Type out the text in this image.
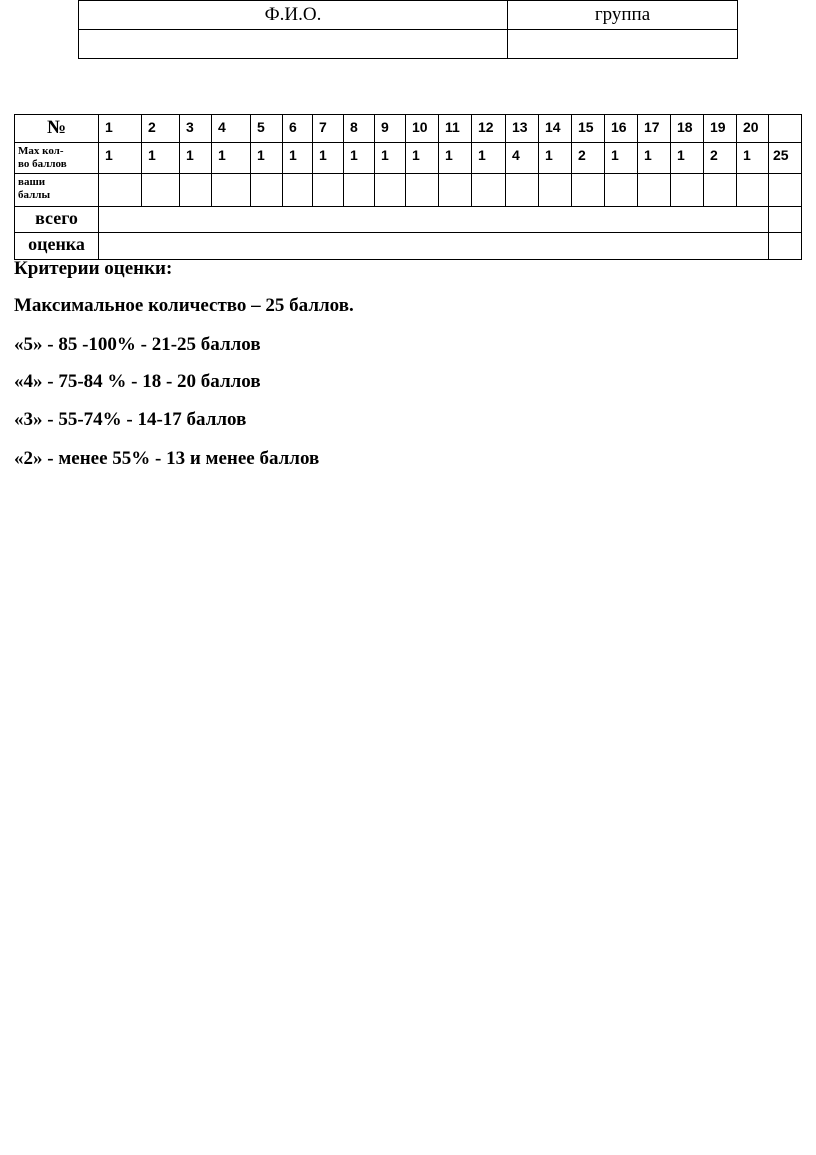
Ф.И.О.	группа

№	1	2	3	4	5	6	7	8	9	10	11	12	13	14	15	16	17	18	19	20	
Max кол-
во баллов	1	1	1	1	1	1	1	1	1	1	1	1	4	1	2	1	1	1	2	1	25
ваши
баллы																					
всего																					
оценка																					

Критерии оценки:

Максимальное количество – 25 баллов.

«5» - 85 -100% - 21-25 баллов

«4» - 75-84 % - 18 - 20 баллов

«3» - 55-74% - 14-17 баллов

«2» - менее 55% - 13 и менее баллов
